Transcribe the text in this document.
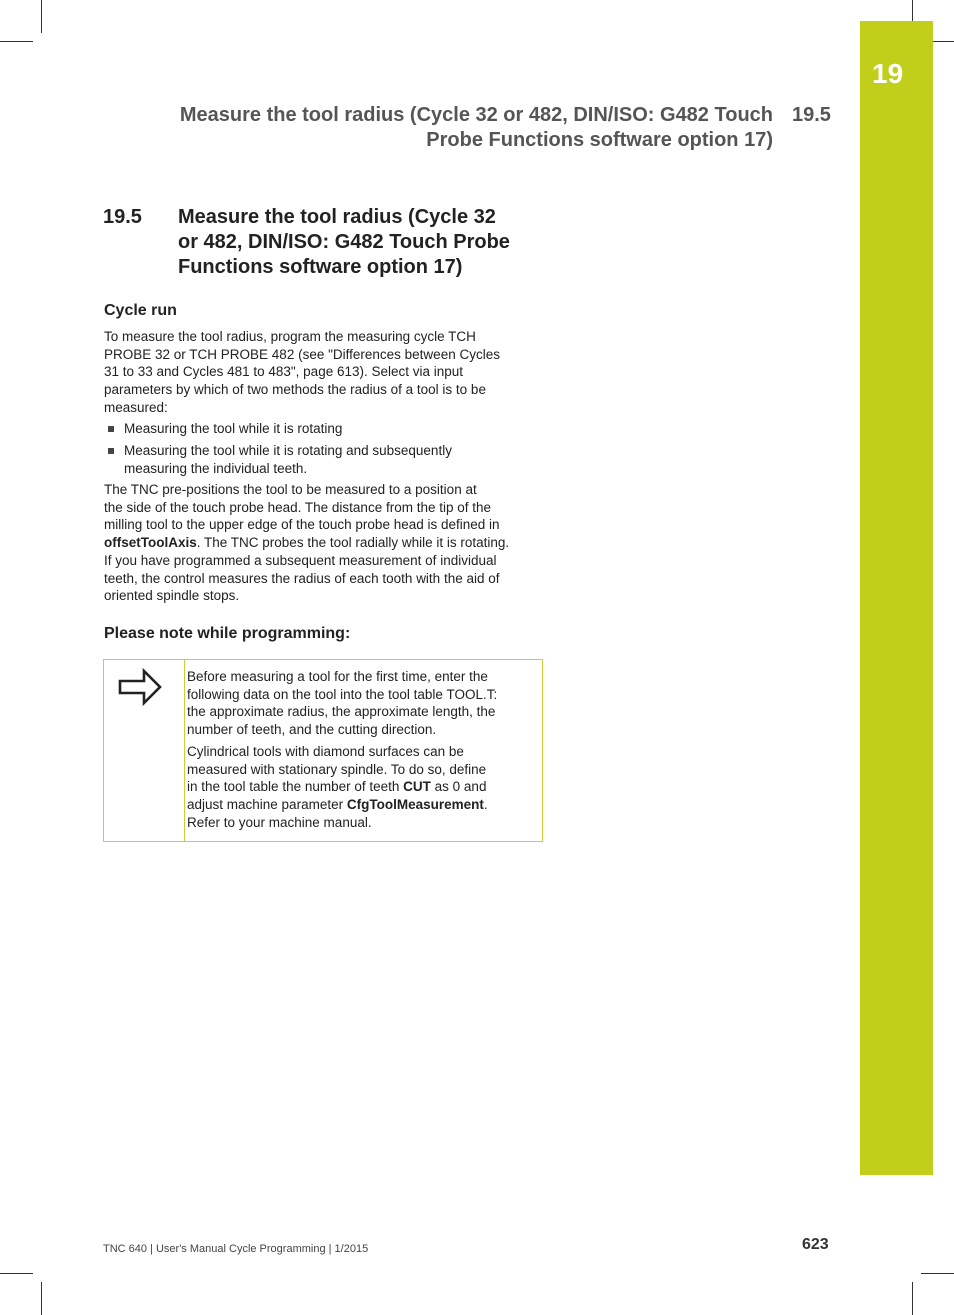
19
Measure the tool radius (Cycle 32 or 482, DIN/ISO: G482 Touch
Probe Functions software option 17)
19.5
19.5 Measure the tool radius (Cycle 32
or 482, DIN/ISO: G482 Touch Probe
Functions software option 17)
Cycle run
To measure the tool radius, program the measuring cycle TCH
PROBE 32 or TCH PROBE 482 (see "Differences between Cycles
31 to 33 and Cycles 481 to 483", page 613). Select via input
parameters by which of two methods the radius of a tool is to be
measured:
Measuring the tool while it is rotating
Measuring the tool while it is rotating and subsequently
measuring the individual teeth.
The TNC pre-positions the tool to be measured to a position at
the side of the touch probe head. The distance from the tip of the
milling tool to the upper edge of the touch probe head is defined in
offsetToolAxis. The TNC probes the tool radially while it is rotating.
If you have programmed a subsequent measurement of individual
teeth, the control measures the radius of each tooth with the aid of
oriented spindle stops.
Please note while programming:
Before measuring a tool for the first time, enter the
following data on the tool into the tool table TOOL.T:
the approximate radius, the approximate length, the
number of teeth, and the cutting direction.
Cylindrical tools with diamond surfaces can be
measured with stationary spindle. To do so, define
in the tool table the number of teeth CUT as 0 and
adjust machine parameter CfgToolMeasurement.
Refer to your machine manual.
TNC 640 | User's Manual Cycle Programming | 1/2015	623
